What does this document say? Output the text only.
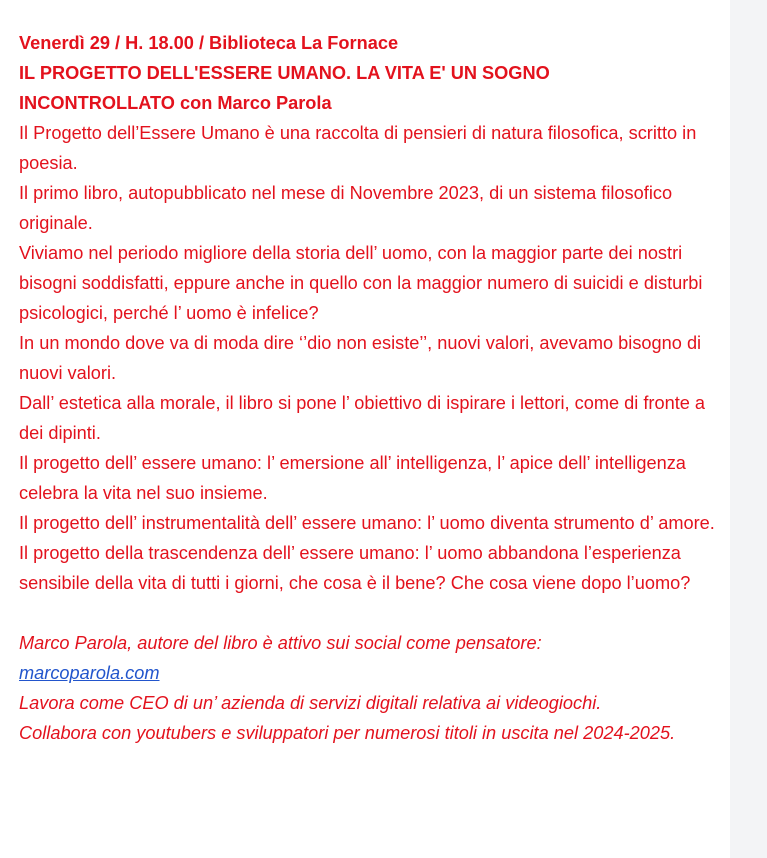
Venerdì 29 / H. 18.00 / Biblioteca La Fornace

IL PROGETTO DELL'ESSERE UMANO. LA VITA E' UN SOGNO

INCONTROLLATO con Marco Parola

Il Progetto dell’Essere Umano è una raccolta di pensieri di natura filosofica, scritto in poesia.

Il primo libro, autopubblicato nel mese di Novembre 2023, di un sistema filosofico originale.

Viviamo nel periodo migliore della storia dell’ uomo, con la maggior parte dei nostri bisogni soddisfatti, eppure anche in quello con la maggior numero di suicidi e disturbi psicologici, perché l’ uomo è infelice?

In un mondo dove va di moda dire ‘’dio non esiste’’, nuovi valori, avevamo bisogno di nuovi valori.

Dall’ estetica alla morale, il libro si pone l’ obiettivo di ispirare i lettori, come di fronte a dei dipinti.

Il progetto dell’ essere umano: l’ emersione all’ intelligenza, l’ apice dell’ intelligenza celebra la vita nel suo insieme.

Il progetto dell’ instrumentalità dell’ essere umano: l’ uomo diventa strumento d’ amore.

Il progetto della trascendenza dell’ essere umano: l’ uomo abbandona l’esperienza sensibile della vita di tutti i giorni, che cosa è il bene? Che cosa viene dopo l’uomo?

Marco Parola, autore del libro è attivo sui social come pensatore:

marcoparola.com

Lavora come CEO di un’ azienda di servizi digitali relativa ai videogiochi.

Collabora con youtubers e sviluppatori per numerosi titoli in uscita nel 2024-2025.
